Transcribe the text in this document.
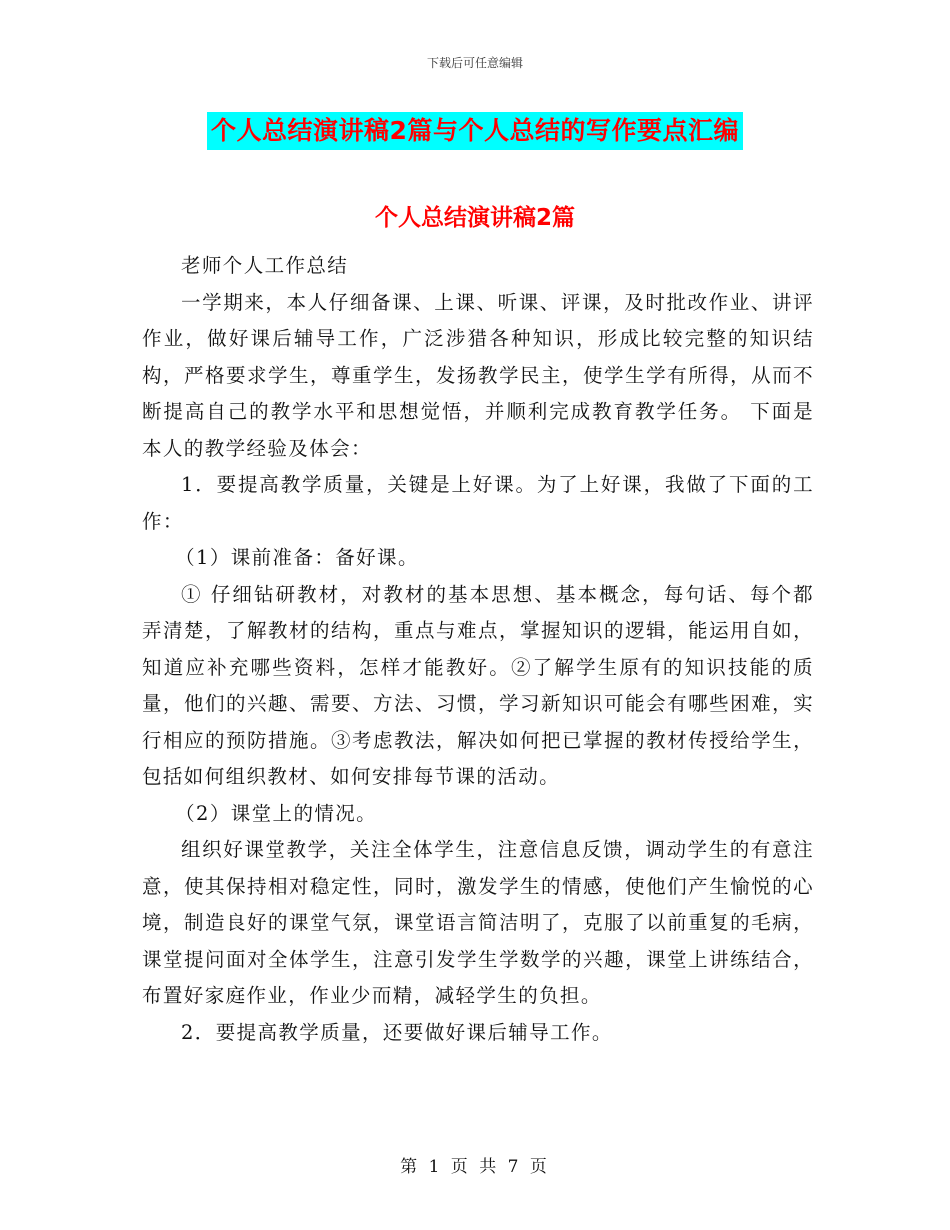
下载后可任意编辑
个人总结演讲稿2篇与个人总结的写作要点汇编
个人总结演讲稿2篇

老师个人工作总结

一学期来，本人仔细备课、上课、听课、评课，及时批改作业、讲评作业，做好课后辅导工作，广泛涉猎各种知识，形成比较完整的知识结构，严格要求学生，尊重学生，发扬教学民主，使学生学有所得，从而不断提高自己的教学水平和思想觉悟，并顺利完成教育教学任务。 下面是本人的教学经验及体会：

1．要提高教学质量，关键是上好课。为了上好课，我做了下面的工作：

（1）课前准备：备好课。

① 仔细钻研教材，对教材的基本思想、基本概念，每句话、每个都弄清楚，了解教材的结构，重点与难点，掌握知识的逻辑，能运用自如，知道应补充哪些资料，怎样才能教好。②了解学生原有的知识技能的质量，他们的兴趣、需要、方法、习惯，学习新知识可能会有哪些困难，实行相应的预防措施。③考虑教法，解决如何把已掌握的教材传授给学生，包括如何组织教材、如何安排每节课的活动。

（2）课堂上的情况。

组织好课堂教学，关注全体学生，注意信息反馈，调动学生的有意注意，使其保持相对稳定性，同时，激发学生的情感，使他们产生愉悦的心境，制造良好的课堂气氛，课堂语言简洁明了，克服了以前重复的毛病，课堂提问面对全体学生，注意引发学生学数学的兴趣，课堂上讲练结合，布置好家庭作业，作业少而精，减轻学生的负担。

2．要提高教学质量，还要做好课后辅导工作。

第 1 页 共 7 页
